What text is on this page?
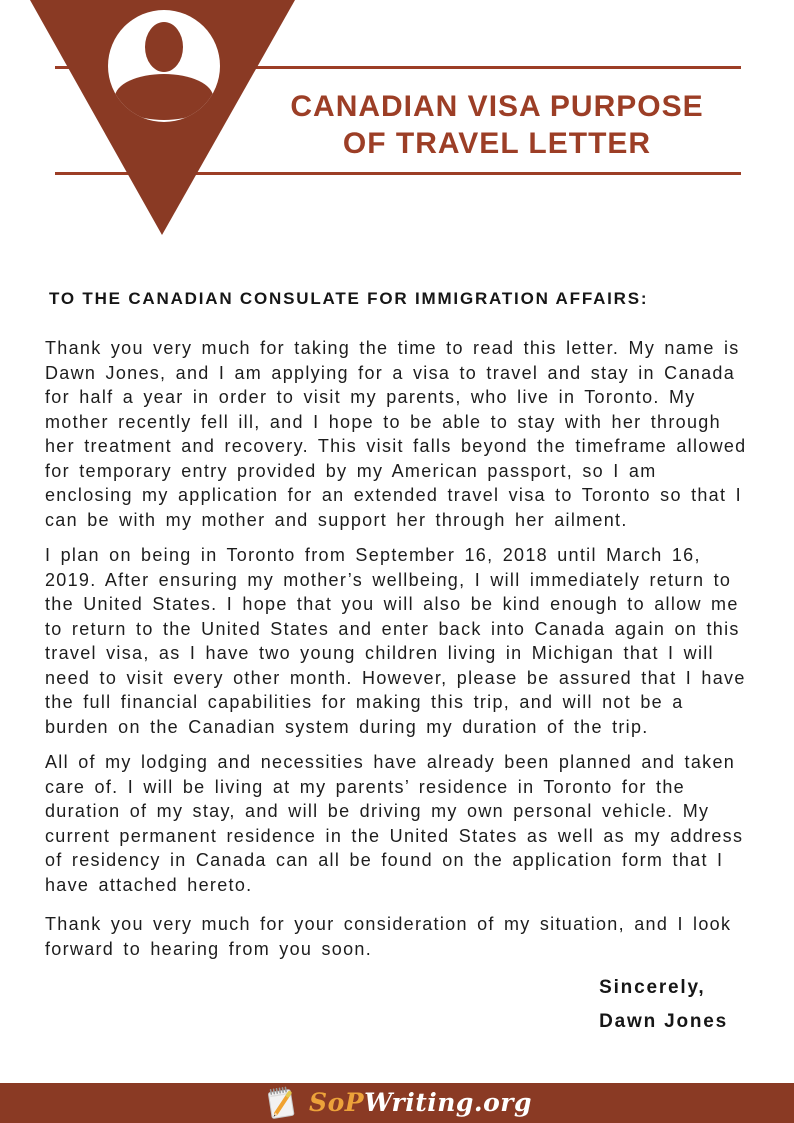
CANADIAN VISA PURPOSE
OF TRAVEL LETTER
TO THE CANADIAN CONSULATE FOR IMMIGRATION AFFAIRS:

Thank you very much for taking the time to read this letter. My name is Dawn Jones, and I am applying for a visa to travel and stay in Canada for half a year in order to visit my parents, who live in Toronto. My mother recently fell ill, and I hope to be able to stay with her through her treatment and recovery. This visit falls beyond the timeframe allowed for temporary entry provided by my American passport, so I am enclosing my application for an extended travel visa to Toronto so that I can be with my mother and support her through her ailment.

I plan on being in Toronto from September 16, 2018 until March 16, 2019. After ensuring my mother’s wellbeing, I will immediately return to the United States. I hope that you will also be kind enough to allow me to return to the United States and enter back into Canada again on this travel visa, as I have two young children living in Michigan that I will need to visit every other month. However, please be assured that I have the full financial capabilities for making this trip, and will not be a burden on the Canadian system during my duration of the trip.

All of my lodging and necessities have already been planned and taken care of. I will be living at my parents’ residence in Toronto for the duration of my stay, and will be driving my own personal vehicle. My current permanent residence in the United States as well as my address of residency in Canada can all be found on the application form that I have attached hereto.

Thank you very much for your consideration of my situation, and I look forward to hearing from you soon.

Sincerely,
Dawn Jones
SoPWriting.org
